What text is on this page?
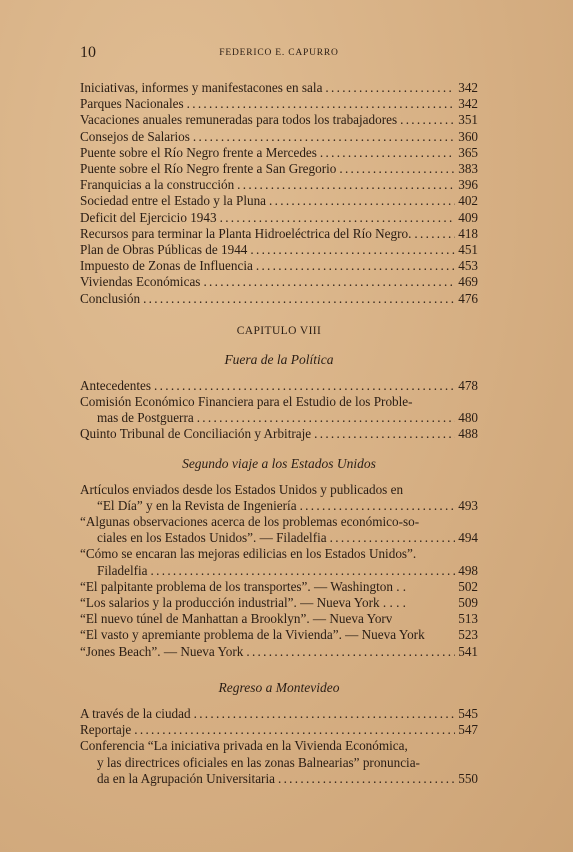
10	FEDERICO E. CAPURRO
Iniciativas, informes y manifestacones en sala . . .	342
Parques Nacionales . . .	342
Vacaciones anuales remuneradas para todos los trabajadores . . .	351
Consejos de Salarios . . .	360
Puente sobre el Río Negro frente a Mercedes . . .	365
Puente sobre el Río Negro frente a San Gregorio . . .	383
Franquicias a la construcción . . .	396
Sociedad entre el Estado y la Pluna . . .	402
Deficit del Ejercicio 1943 . . .	409
Recursos para terminar la Planta Hidroeléctrica del Río Negro. . . .	418
Plan de Obras Públicas de 1944 . . .	451
Impuesto de Zonas de Influencia . . .	453
Viviendas Económicas . . .	469
Conclusión . . .	476
CAPITULO VIII
Fuera de la Política
Antecedentes . . .	478
Comisión Económico Financiera para el Estudio de los Proble-
mas de Postguerra . . .	480
Quinto Tribunal de Conciliación y Arbitraje . . .	488
Segundo viaje a los Estados Unidos
Artículos enviados desde los Estados Unidos y publicados en
“El Día” y en la Revista de Ingeniería . . .	493
“Algunas observaciones acerca de los problemas económico-so-
ciales en los Estados Unidos”. — Filadelfia . . .	494
“Cómo se encaran las mejoras edilicias en los Estados Unidos”.
Filadelfia . . .	498
“El palpitante problema de los transportes”. — Washington . .	502
“Los salarios y la producción industrial”. — Nueva York . . . .	509
“El nuevo túnel de Manhattan a Brooklyn”. — Nueva Yorv	513
“El vasto y apremiante problema de la Vivienda”. — Nueva York	523
“Jones Beach”. — Nueva York . . .	541
Regreso a Montevideo
A través de la ciudad . . .	545
Reportaje . . .	547
Conferencia “La iniciativa privada en la Vivienda Económica,
y las directrices oficiales en las zonas Balnearias” pronuncia-
da en la Agrupación Universitaria . . .	550
